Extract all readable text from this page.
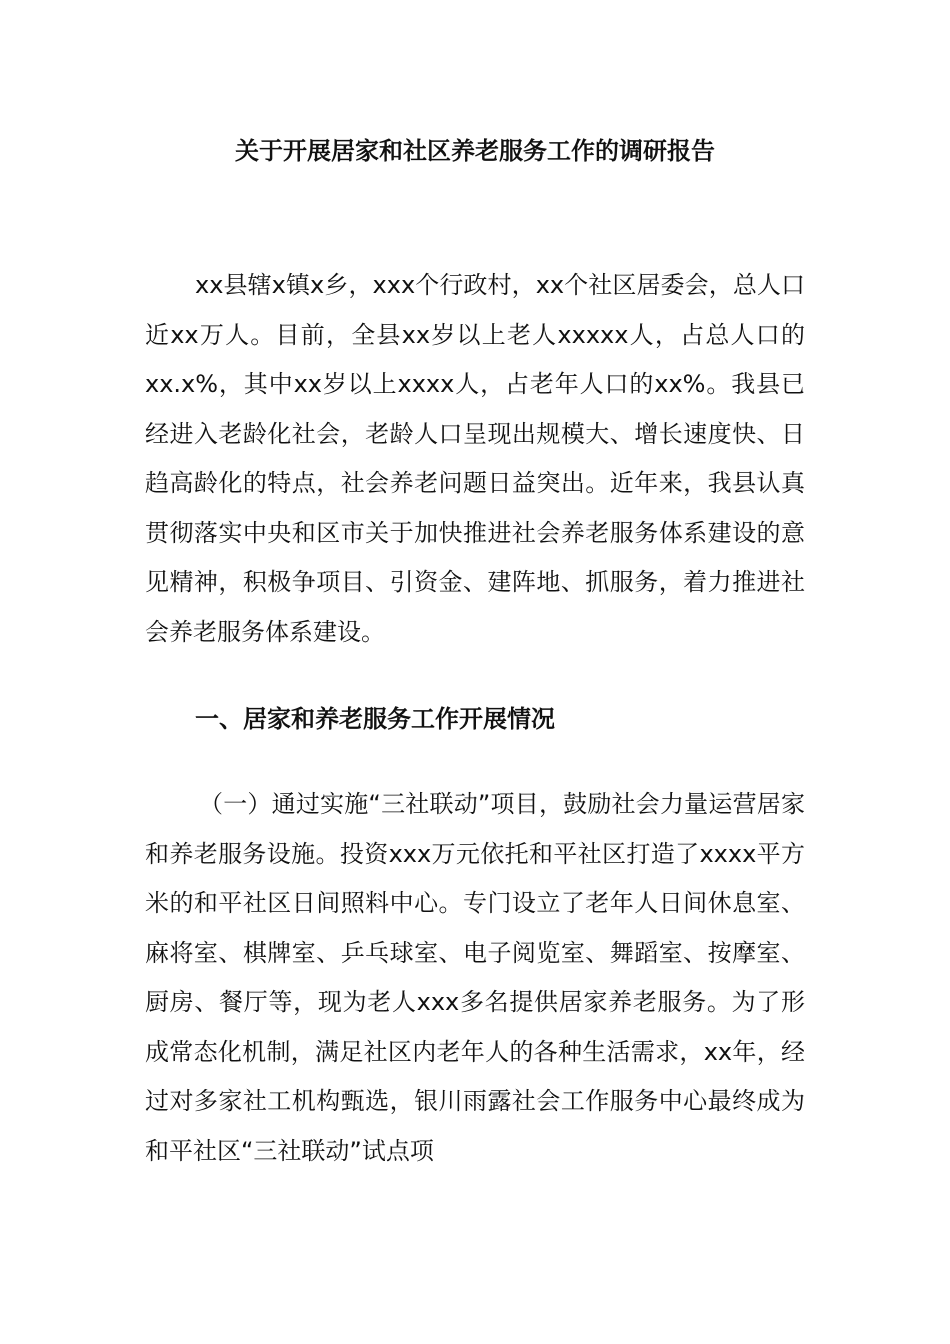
关于开展居家和社区养老服务工作的调研报告

xx县辖x镇x乡，xxx个行政村，xx个社区居委会，总人口近xx万人。目前，全县xx岁以上老人xxxxx人，占总人口的xx.x%，其中xx岁以上xxxx人，占老年人口的xx%。我县已经进入老龄化社会，老龄人口呈现出规模大、增长速度快、日趋高龄化的特点，社会养老问题日益突出。近年来，我县认真贯彻落实中央和区市关于加快推进社会养老服务体系建设的意见精神，积极争项目、引资金、建阵地、抓服务，着力推进社会养老服务体系建设。

一、居家和养老服务工作开展情况

（一）通过实施“三社联动”项目，鼓励社会力量运营居家和养老服务设施。投资xxx万元依托和平社区打造了xxxx平方米的和平社区日间照料中心。专门设立了老年人日间休息室、麻将室、棋牌室、乒乓球室、电子阅览室、舞蹈室、按摩室、厨房、餐厅等，现为老人xxx多名提供居家养老服务。为了形成常态化机制，满足社区内老年人的各种生活需求，xx年，经过对多家社工机构甄选，银川雨露社会工作服务中心最终成为和平社区“三社联动”试点项
